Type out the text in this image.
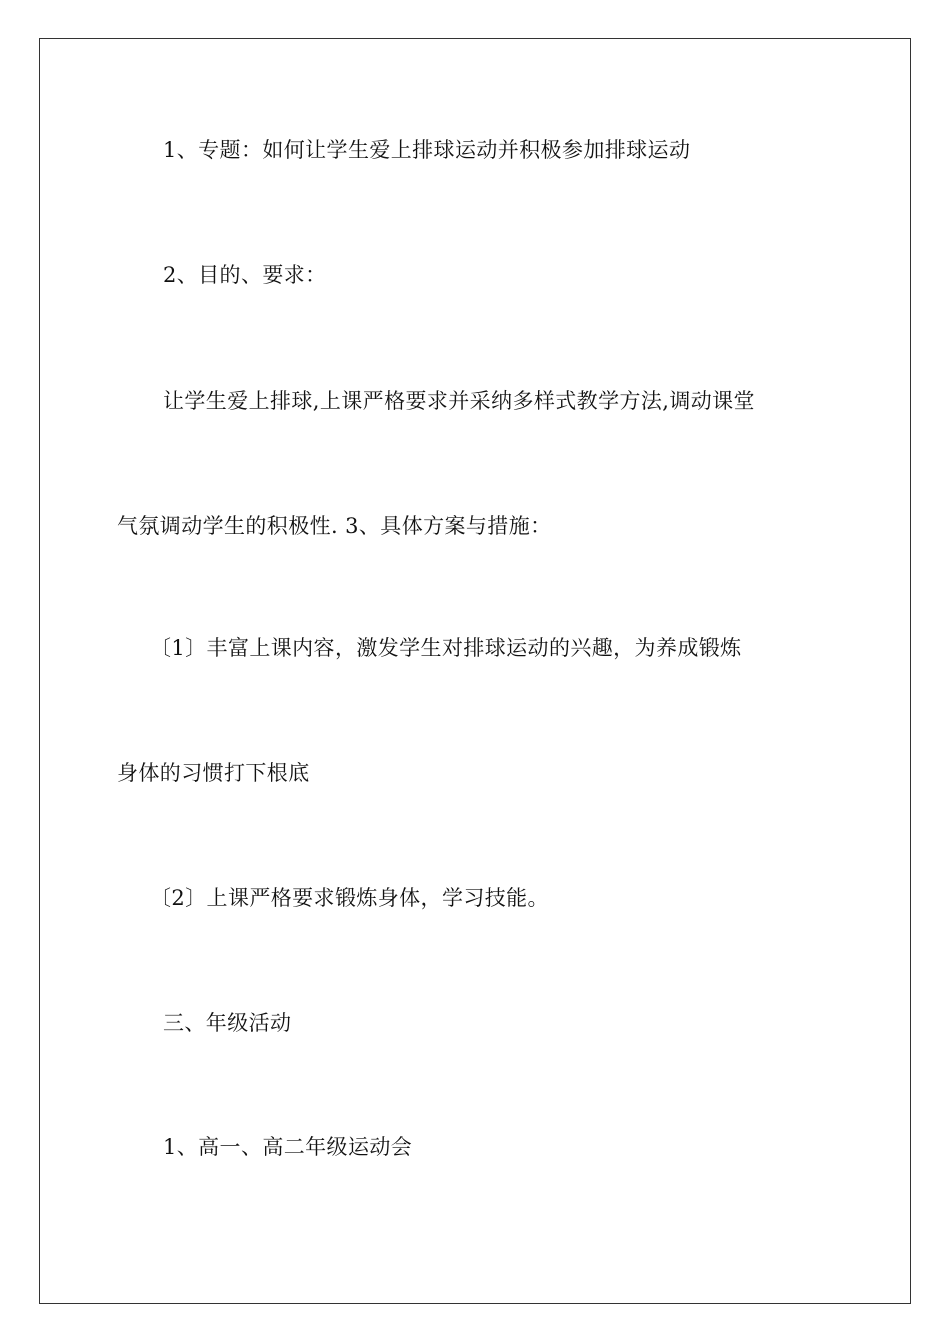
1、专题：如何让学生爱上排球运动并积极参加排球运动
2、目的、要求：
让学生爱上排球,上课严格要求并采纳多样式教学方法,调动课堂
气氛调动学生的积极性. 3、具体方案与措施：
〔1〕丰富上课内容，激发学生对排球运动的兴趣，为养成锻炼
身体的习惯打下根底
〔2〕上课严格要求锻炼身体，学习技能。
三、年级活动
1、高一、高二年级运动会
